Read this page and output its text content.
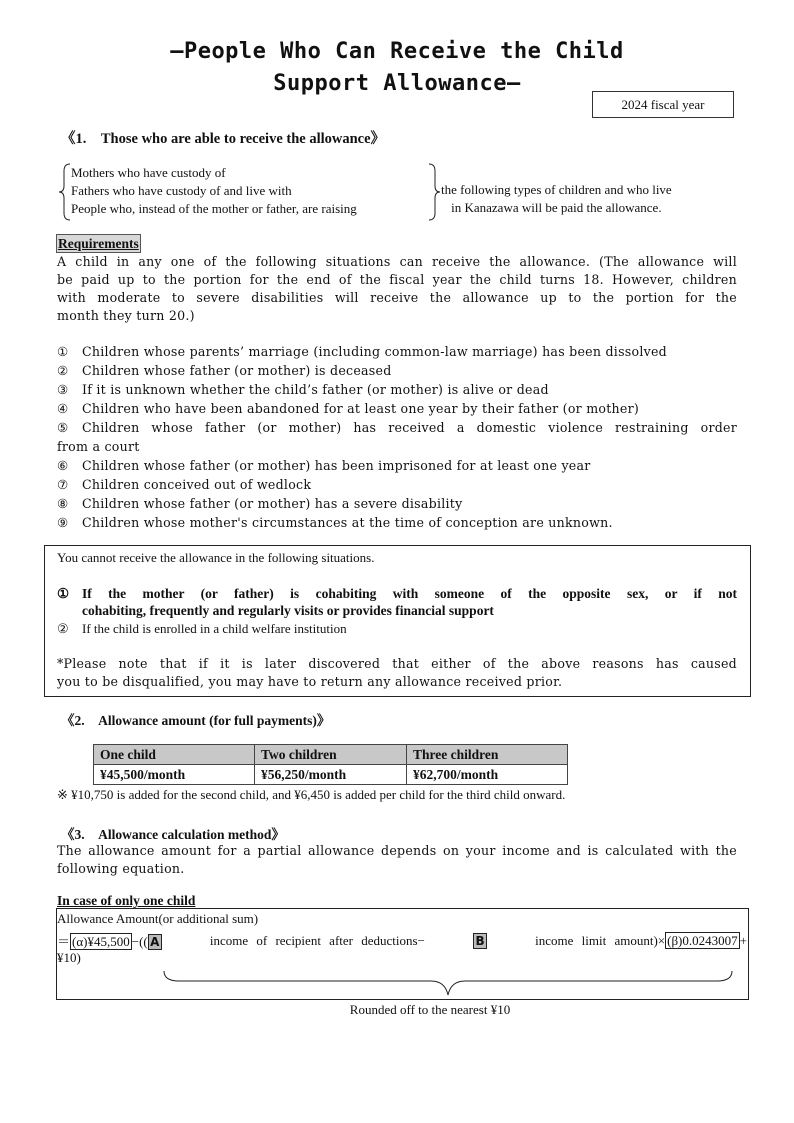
―People Who Can Receive the Child
Support Allowance―
2024 fiscal year
《1.　Those who are able to receive the allowance》
Mothers who have custody of
Fathers who have custody of and live with
People who, instead of the mother or father, are raising
the following types of children and who live
in Kanazawa will be paid the allowance.
Requirements
A child in any one of the following situations can receive the allowance. (The allowance will
be paid up to the portion for the end of the fiscal year the child turns 18. However, children
with moderate to severe disabilities will receive the allowance up to the portion for the
month they turn 20.)
① Children whose parents’ marriage (including common-law marriage) has been dissolved
② Children whose father (or mother) is deceased
③ If it is unknown whether the child’s father (or mother) is alive or dead
④ Children who have been abandoned for at least one year by their father (or mother)
⑤ Children whose father (or mother) has received a domestic violence restraining order
from a court
⑥ Children whose father (or mother) has been imprisoned for at least one year
⑦ Children conceived out of wedlock
⑧ Children whose father (or mother) has a severe disability
⑨ Children whose mother's circumstances at the time of conception are unknown.
You cannot receive the allowance in the following situations.
① If the mother (or father) is cohabiting with someone of the opposite sex, or if not
cohabiting, frequently and regularly visits or provides financial support
② If the child is enrolled in a child welfare institution
*Please note that if it is later discovered that either of the above reasons has caused
you to be disqualified, you may have to return any allowance received prior.
《2.　Allowance amount (for full payments)》
One child	Two children	Three children
¥45,500/month	¥56,250/month	¥62,700/month
※ ¥10,750 is added for the second child, and ¥6,450 is added per child for the third child onward.
《3.　Allowance calculation method》
The allowance amount for a partial allowance depends on your income and is calculated with the
following equation.
In case of only one child
Allowance Amount(or additional sum)
＝ (α)¥45,500 −(( A	income of recipient after deductions−	B	income limit amount)× (β)0.0243007 +
¥10)
Rounded off to the nearest ¥10
